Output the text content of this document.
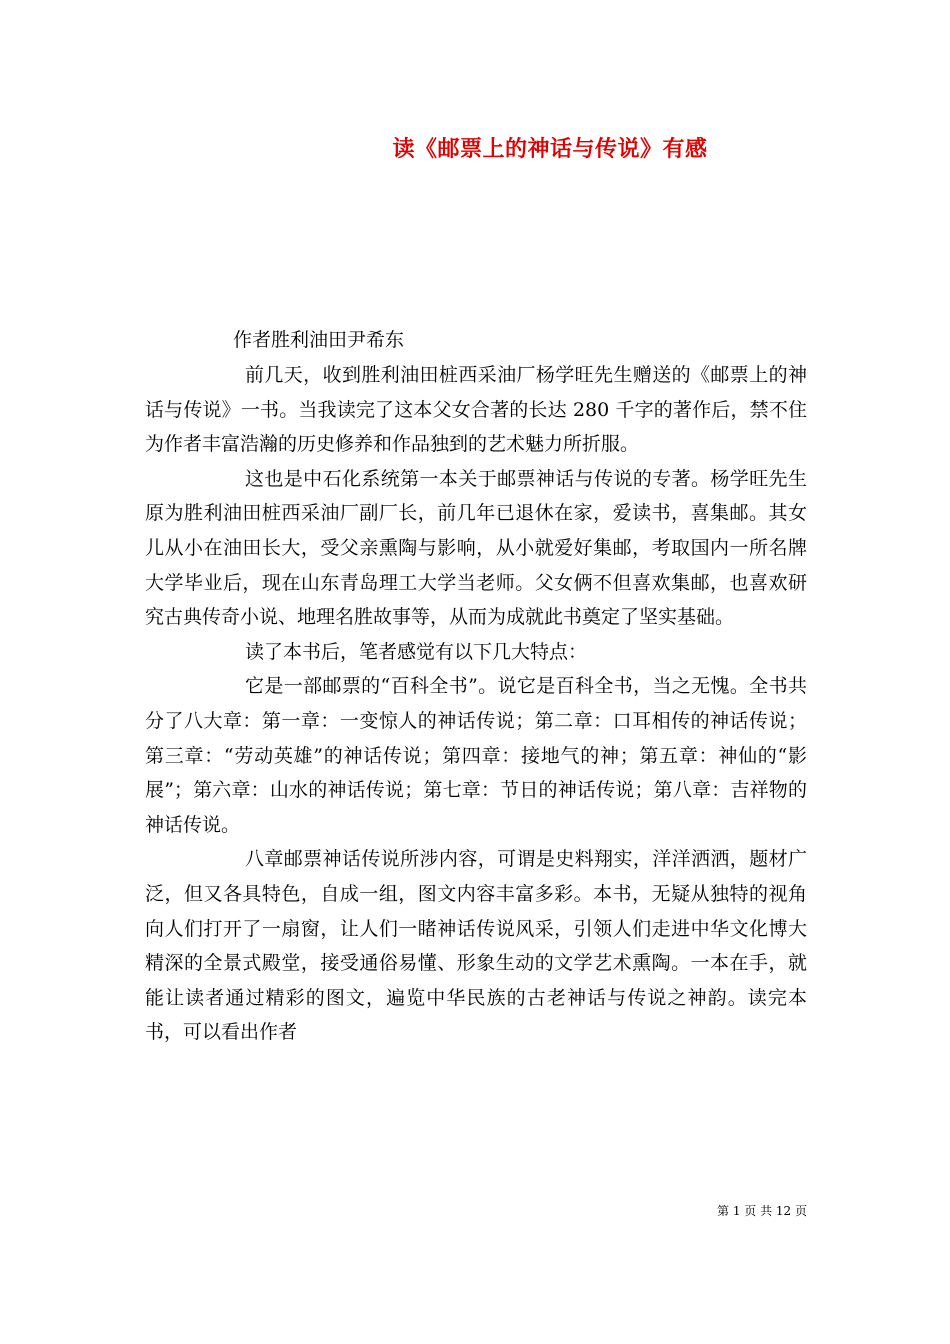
读《邮票上的神话与传说》有感
作者胜利油田尹希东

前几天，收到胜利油田桩西采油厂杨学旺先生赠送的《邮票上的神话与传说》一书。当我读完了这本父女合著的长达 280 千字的著作后，禁不住为作者丰富浩瀚的历史修养和作品独到的艺术魅力所折服。

这也是中石化系统第一本关于邮票神话与传说的专著。杨学旺先生原为胜利油田桩西采油厂副厂长，前几年已退休在家，爱读书，喜集邮。其女儿从小在油田长大，受父亲熏陶与影响，从小就爱好集邮，考取国内一所名牌大学毕业后，现在山东青岛理工大学当老师。父女俩不但喜欢集邮，也喜欢研究古典传奇小说、地理名胜故事等，从而为成就此书奠定了坚实基础。

读了本书后，笔者感觉有以下几大特点：

它是一部邮票的“百科全书”。说它是百科全书，当之无愧。全书共分了八大章：第一章：一变惊人的神话传说；第二章：口耳相传的神话传说；第三章：“劳动英雄”的神话传说；第四章：接地气的神；第五章：神仙的“影展”；第六章：山水的神话传说；第七章：节日的神话传说；第八章：吉祥物的神话传说。

八章邮票神话传说所涉内容，可谓是史料翔实，洋洋洒洒，题材广泛，但又各具特色，自成一组，图文内容丰富多彩。本书，无疑从独特的视角向人们打开了一扇窗，让人们一睹神话传说风采，引领人们走进中华文化博大精深的全景式殿堂，接受通俗易懂、形象生动的文学艺术熏陶。一本在手，就能让读者通过精彩的图文，遍览中华民族的古老神话与传说之神韵。读完本书，可以看出作者

第 1 页 共 12 页
